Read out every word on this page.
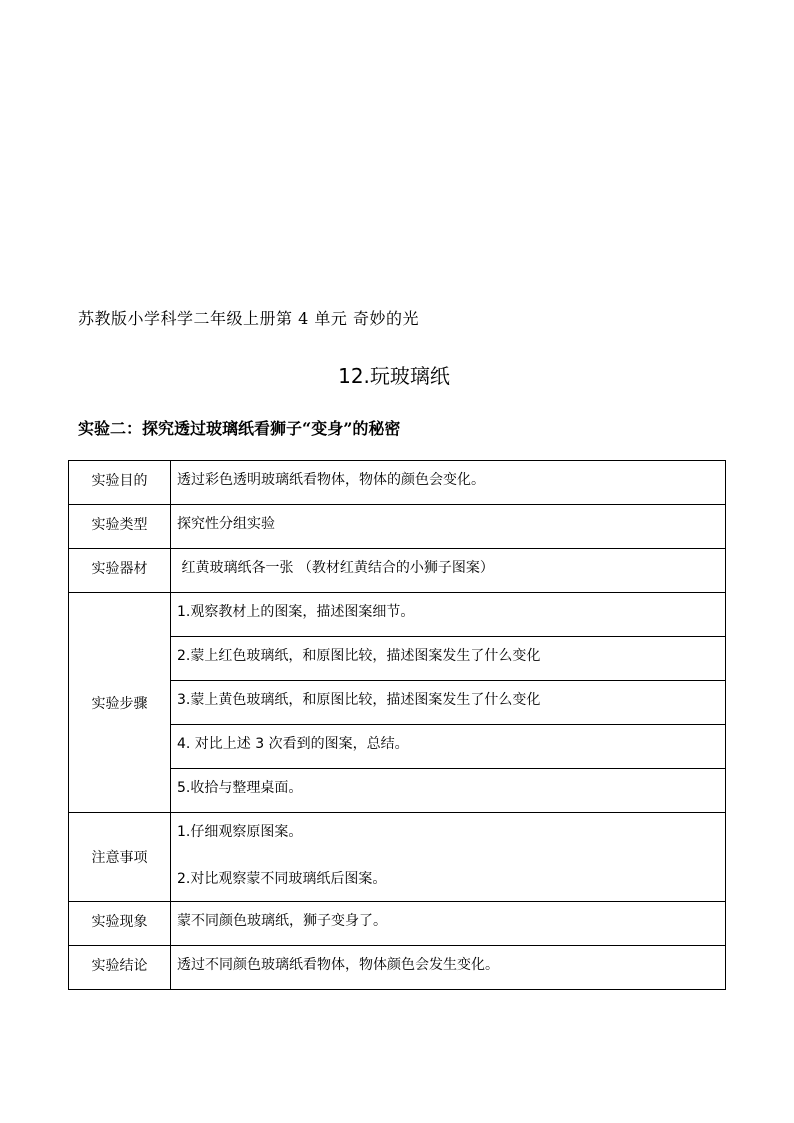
苏教版小学科学二年级上册第 4 单元 奇妙的光
12.玩玻璃纸
实验二：探究透过玻璃纸看狮子“变身”的秘密
实验目的	透过彩色透明玻璃纸看物体，物体的颜色会变化。

实验类型	探究性分组实验

实验器材	红黄玻璃纸各一张 （教材红黄结合的小狮子图案）

实验步骤	1.观察教材上的图案，描述图案细节。

	2.蒙上红色玻璃纸，和原图比较，描述图案发生了什么变化

	3.蒙上黄色玻璃纸，和原图比较，描述图案发生了什么变化

	4. 对比上述 3 次看到的图案，总结。

	5.收拾与整理桌面。

注意事项	1.仔细观察原图案。
2.对比观察蒙不同玻璃纸后图案。

实验现象	蒙不同颜色玻璃纸，狮子变身了。

实验结论	透过不同颜色玻璃纸看物体，物体颜色会发生变化。
